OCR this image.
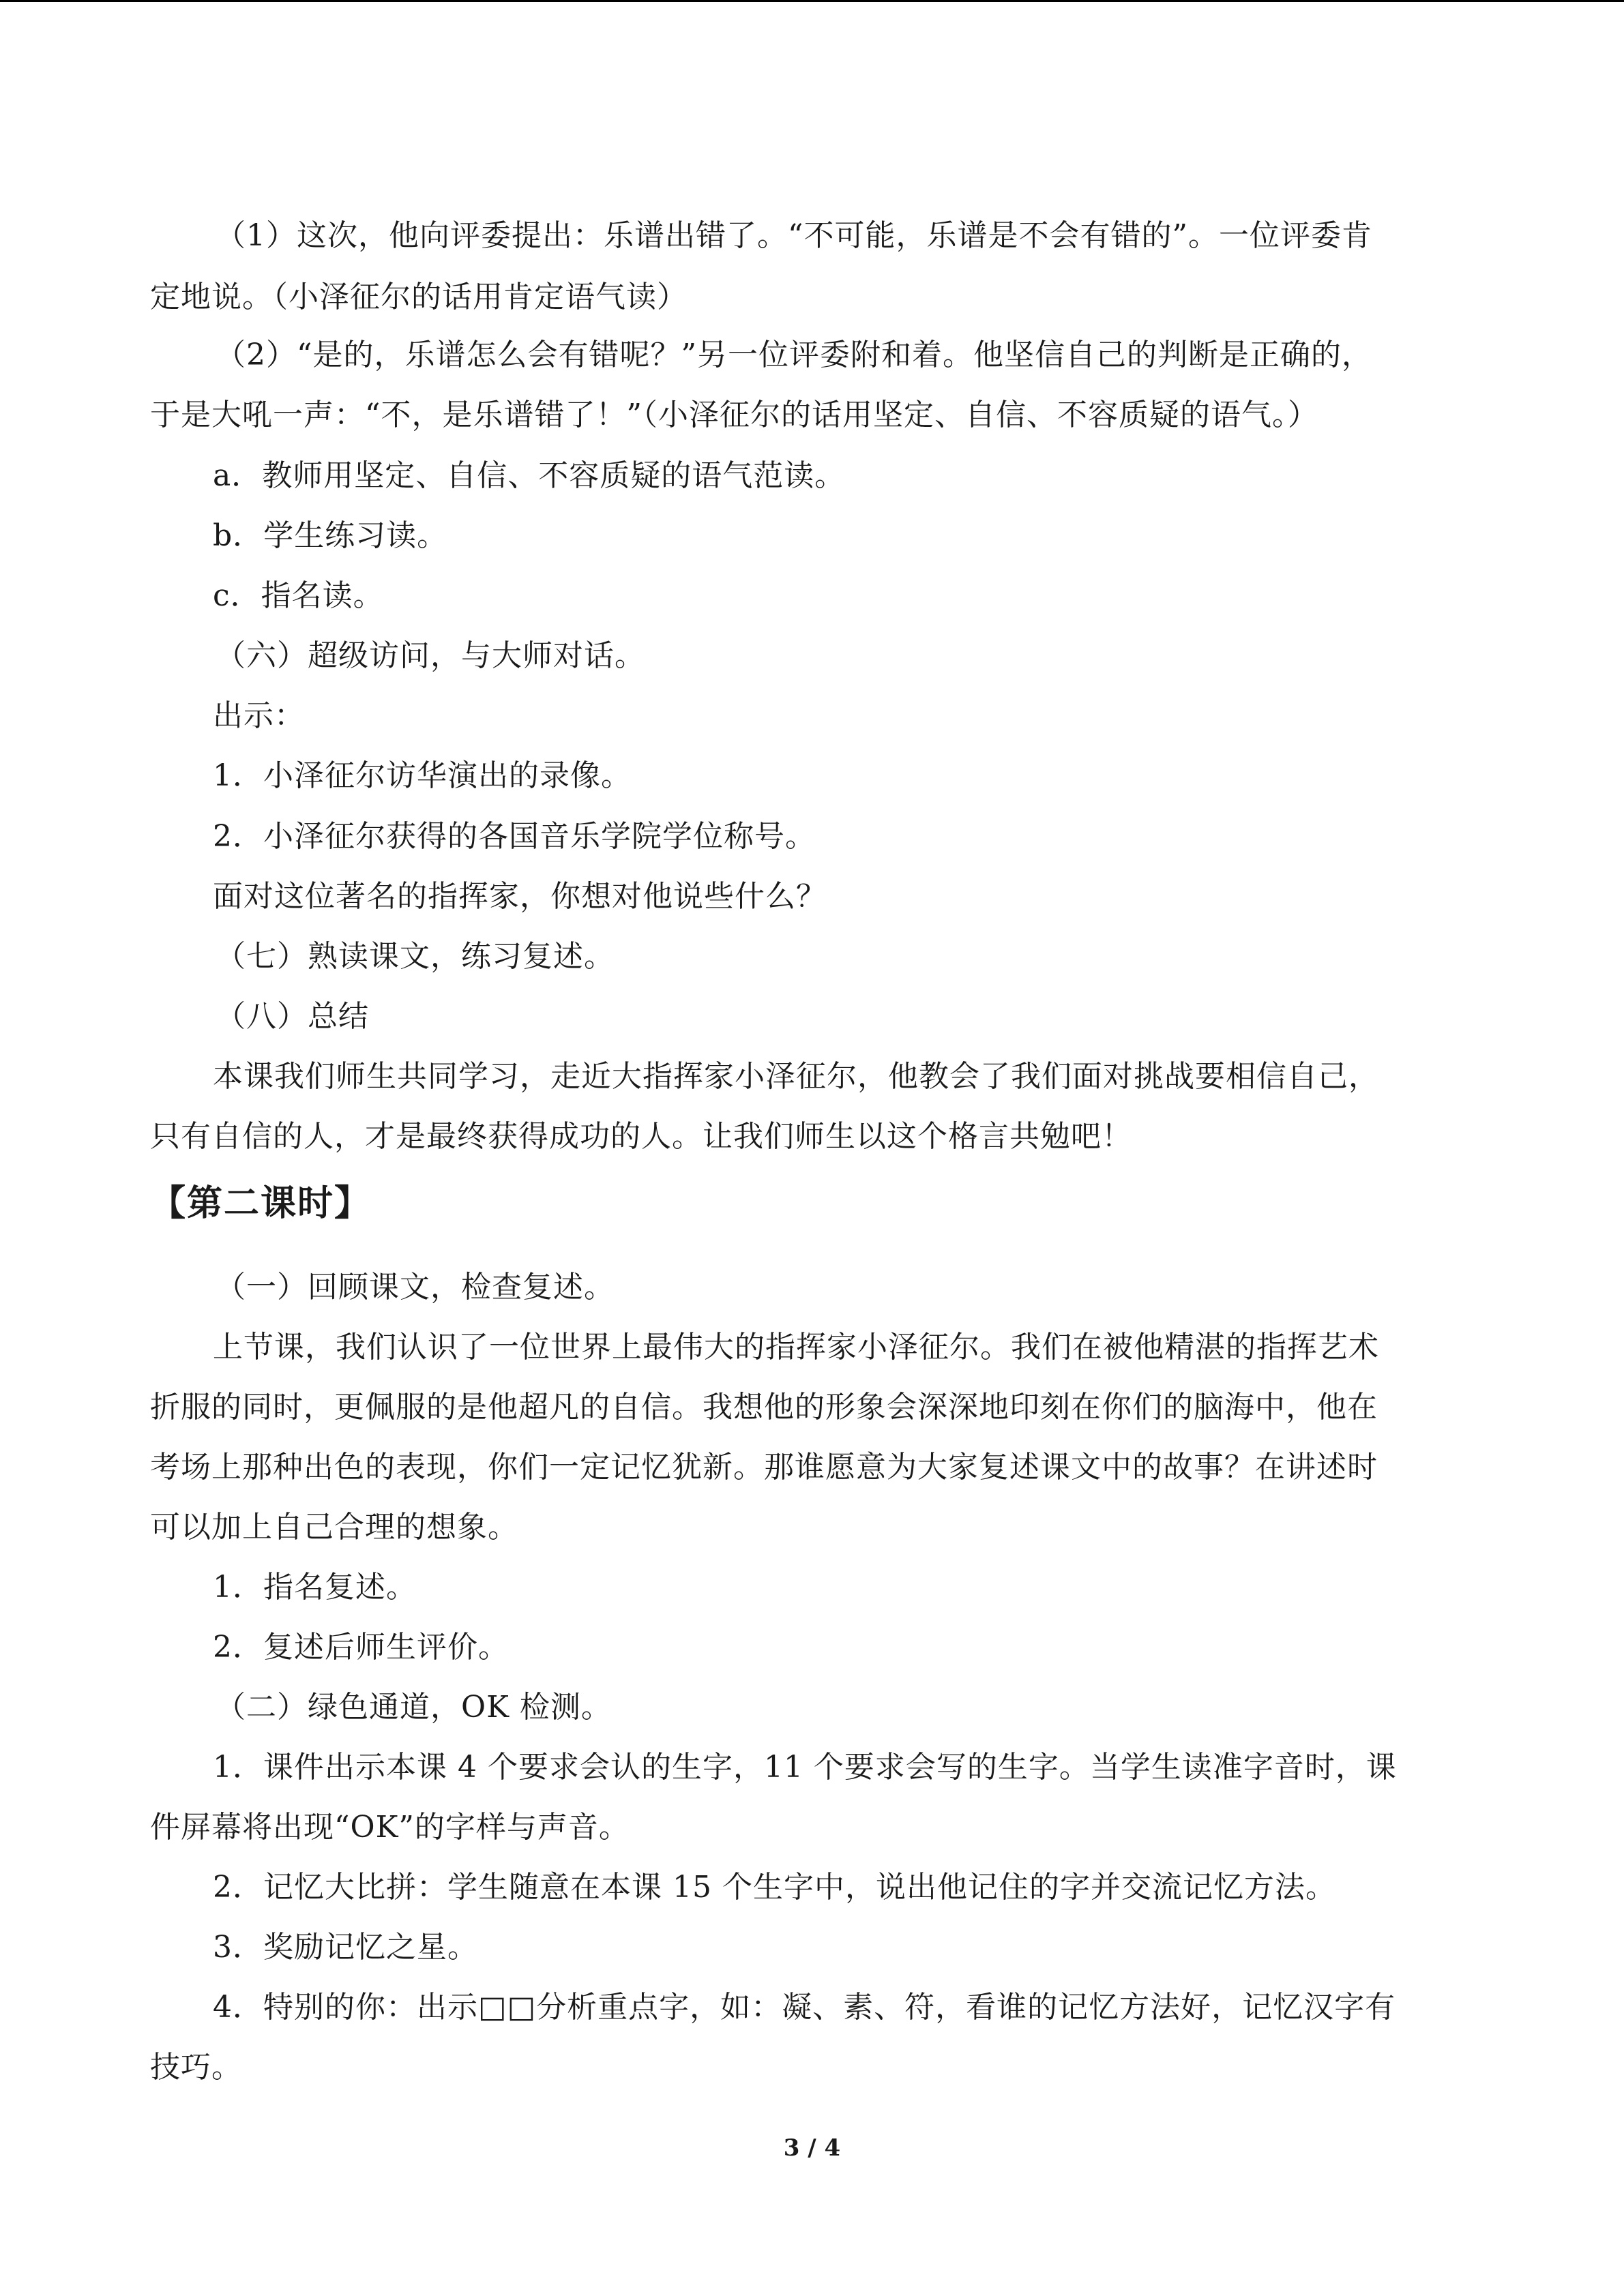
（1）这次，他向评委提出：乐谱出错了。“不可能，乐谱是不会有错的”。一位评委肯
定地说。（小泽征尔的话用肯定语气读）
（2）“是的，乐谱怎么会有错呢？”另一位评委附和着。他坚信自己的判断是正确的，
于是大吼一声：“不，是乐谱错了！”（小泽征尔的话用坚定、自信、不容质疑的语气。）
a．教师用坚定、自信、不容质疑的语气范读。
b．学生练习读。
c．指名读。
（六）超级访问，与大师对话。
出示：
1．小泽征尔访华演出的录像。
2．小泽征尔获得的各国音乐学院学位称号。
面对这位著名的指挥家，你想对他说些什么？
（七）熟读课文，练习复述。
（八）总结
本课我们师生共同学习，走近大指挥家小泽征尔，他教会了我们面对挑战要相信自己，
只有自信的人，才是最终获得成功的人。让我们师生以这个格言共勉吧！
【第二课时】
（一）回顾课文，检查复述。
上节课，我们认识了一位世界上最伟大的指挥家小泽征尔。我们在被他精湛的指挥艺术
折服的同时，更佩服的是他超凡的自信。我想他的形象会深深地印刻在你们的脑海中，他在
考场上那种出色的表现，你们一定记忆犹新。那谁愿意为大家复述课文中的故事？在讲述时
可以加上自己合理的想象。
1．指名复述。
2．复述后师生评价。
（二）绿色通道，OK 检测。
1．课件出示本课 4 个要求会认的生字，11 个要求会写的生字。当学生读准字音时，课
件屏幕将出现“OK”的字样与声音。
2．记忆大比拼：学生随意在本课 15 个生字中，说出他记住的字并交流记忆方法。
3．奖励记忆之星。
4．特别的你：出示□□分析重点字，如：凝、素、符，看谁的记忆方法好，记忆汉字有
技巧。
3 / 4
